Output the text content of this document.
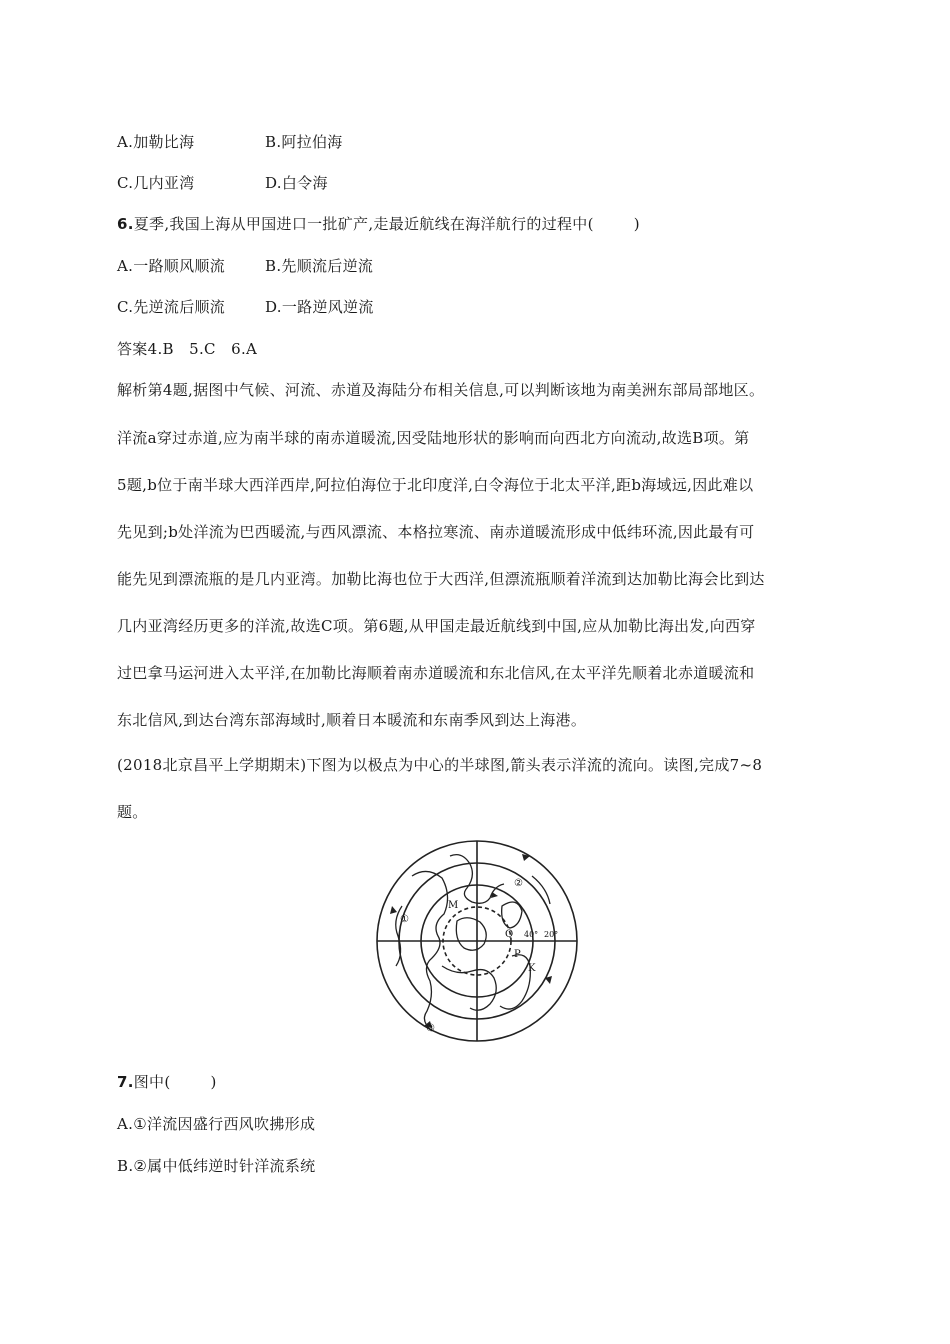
A.加勒比海	B.阿拉伯海
C.几内亚湾	D.白令海
6.夏季,我国上海从甲国进口一批矿产,走最近航线在海洋航行的过程中(	)
A.一路顺风顺流	B.先顺流后逆流
C.先逆流后顺流	D.一路逆风逆流
答案4.B　5.C　6.A
解析第4题,据图中气候、河流、赤道及海陆分布相关信息,可以判断该地为南美洲东部局部地区。
洋流a穿过赤道,应为南半球的南赤道暖流,因受陆地形状的影响而向西北方向流动,故选B项。第
5题,b位于南半球大西洋西岸,阿拉伯海位于北印度洋,白令海位于北太平洋,距b海域远,因此难以
先见到;b处洋流为巴西暖流,与西风漂流、本格拉寒流、南赤道暖流形成中低纬环流,因此最有可
能先见到漂流瓶的是几内亚湾。加勒比海也位于大西洋,但漂流瓶顺着洋流到达加勒比海会比到达
几内亚湾经历更多的洋流,故选C项。第6题,从甲国走最近航线到中国,应从加勒比海出发,向西穿
过巴拿马运河进入太平洋,在加勒比海顺着南赤道暖流和东北信风,在太平洋先顺着北赤道暖流和
东北信风,到达台湾东部海域时,顺着日本暖流和东南季风到达上海港。
(2018北京昌平上学期期末)下图为以极点为中心的半球图,箭头表示洋流的流向。读图,完成7~8
题。
①
②
③
M
Q
P
K
40° 20°
7.图中(	)
A.①洋流因盛行西风吹拂形成
B.②属中低纬逆时针洋流系统
